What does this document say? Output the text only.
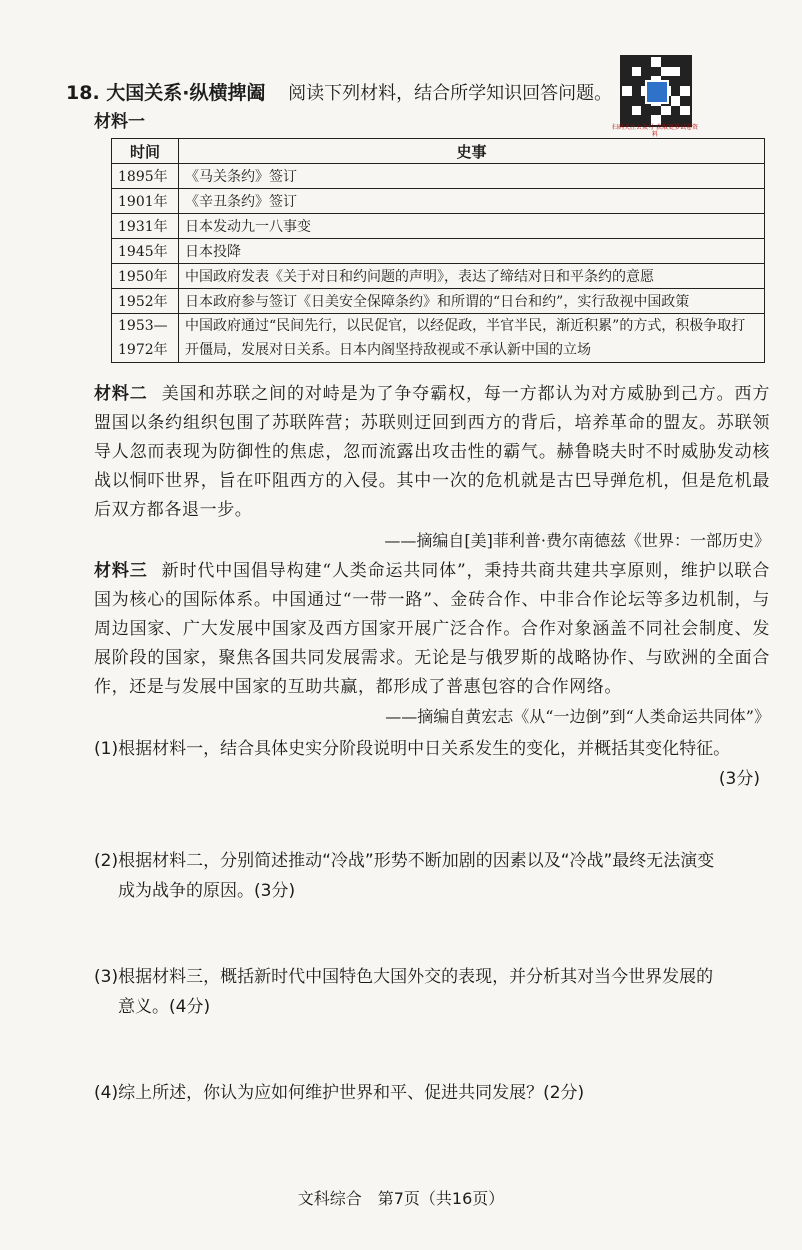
18. 大国关系·纵横捭阖 阅读下列材料，结合所学知识回答问题。
扫码关注公众号 获取更多试卷资料
材料一
时间	史事
1895年	《马关条约》签订
1901年	《辛丑条约》签订
1931年	日本发动九一八事变
1945年	日本投降
1950年	中国政府发表《关于对日和约问题的声明》，表达了缔结对日和平条约的意愿
1952年	日本政府参与签订《日美安全保障条约》和所谓的“日台和约”，实行敌视中国政策
1953—1972年	中国政府通过“民间先行，以民促官，以经促政，半官半民，渐近积累”的方式，积极争取打开僵局，发展对日关系。日本内阁坚持敌视或不承认新中国的立场
材料二 美国和苏联之间的对峙是为了争夺霸权，每一方都认为对方威胁到己方。西方盟国以条约组织包围了苏联阵营；苏联则迂回到西方的背后，培养革命的盟友。苏联领导人忽而表现为防御性的焦虑，忽而流露出攻击性的霸气。赫鲁晓夫时不时威胁发动核战以恫吓世界，旨在吓阻西方的入侵。其中一次的危机就是古巴导弹危机，但是危机最后双方都各退一步。
——摘编自[美]菲利普·费尔南德兹《世界：一部历史》
材料三 新时代中国倡导构建“人类命运共同体”，秉持共商共建共享原则，维护以联合国为核心的国际体系。中国通过“一带一路”、金砖合作、中非合作论坛等多边机制，与周边国家、广大发展中国家及西方国家开展广泛合作。合作对象涵盖不同社会制度、发展阶段的国家，聚焦各国共同发展需求。无论是与俄罗斯的战略协作、与欧洲的全面合作，还是与发展中国家的互助共赢，都形成了普惠包容的合作网络。
——摘编自黄宏志《从“一边倒”到“人类命运共同体”》
(1)根据材料一，结合具体史实分阶段说明中日关系发生的变化，并概括其变化特征。
(3分)
(2)根据材料二，分别简述推动“冷战”形势不断加剧的因素以及“冷战”最终无法演变
成为战争的原因。(3分)
(3)根据材料三，概括新时代中国特色大国外交的表现，并分析其对当今世界发展的
意义。(4分)
(4)综上所述，你认为应如何维护世界和平、促进共同发展？(2分)
文科综合　第7页（共16页）
